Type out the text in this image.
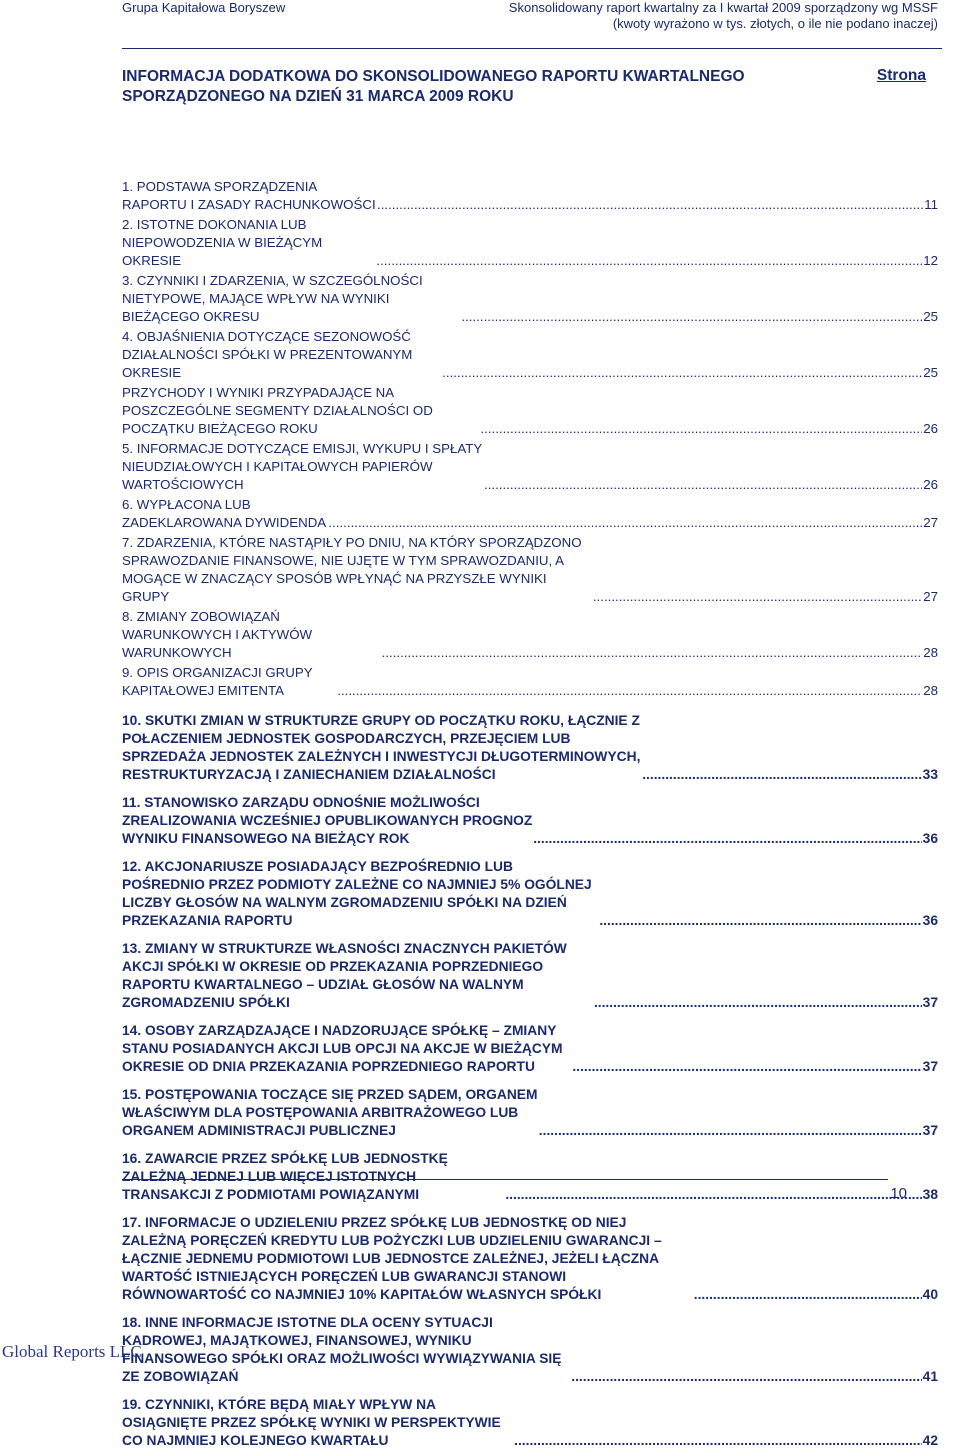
Grupa Kapitałowa Boryszew	Skonsolidowany raport kwartalny za I kwartał 2009 sporządzony wg MSSF
(kwoty wyrażono w tys. złotych, o ile nie podano inaczej)
INFORMACJA DODATKOWA DO SKONSOLIDOWANEGO RAPORTU KWARTALNEGO
SPORZĄDZONEGO NA DZIEŃ 31 MARCA 2009 ROKU
Strona
1. PODSTAWA SPORZĄDZENIA RAPORTU I ZASADY RACHUNKOWOŚCI .....	11
2. ISTOTNE DOKONANIA LUB NIEPOWODZENIA W BIEŻĄCYM OKRESIE .....	12
3. CZYNNIKI I ZDARZENIA, W SZCZEGÓLNOŚCI NIETYPOWE, MAJĄCE WPŁYW NA WYNIKI BIEŻĄCEGO OKRESU .....	25
4. OBJAŚNIENIA DOTYCZĄCE SEZONOWOŚĆ DZIAŁALNOŚCI SPÓŁKI W PREZENTOWANYM OKRESIE .....	25
PRZYCHODY I WYNIKI PRZYPADAJĄCE NA POSZCZEGÓLNE SEGMENTY DZIAŁALNOŚCI OD POCZĄTKU BIEŻĄCEGO ROKU .....	26
5. INFORMACJE DOTYCZĄCE EMISJI, WYKUPU I SPŁATY NIEUDZIAŁOWYCH I KAPITAŁOWYCH PAPIERÓW WARTOŚCIOWYCH .....	26
6. WYPŁACONA LUB ZADEKLAROWANA DYWIDENDA .....	27
7. ZDARZENIA, KTÓRE NASTĄPIŁY PO DNIU, NA KTÓRY SPORZĄDZONO SPRAWOZDANIE FINANSOWE, NIE UJĘTE W TYM SPRAWOZDANIU, A MOGĄCE W ZNACZĄCY SPOSÓB WPŁYNĄĆ NA PRZYSZŁE WYNIKI GRUPY .....	27
8. ZMIANY ZOBOWIĄZAŃ WARUNKOWYCH I AKTYWÓW WARUNKOWYCH .....	28
9. OPIS ORGANIZACJI GRUPY KAPITAŁOWEJ EMITENTA .....	28
10. SKUTKI ZMIAN W STRUKTURZE GRUPY OD POCZĄTKU ROKU, ŁĄCZNIE Z POŁACZENIEM JEDNOSTEK GOSPODARCZYCH, PRZEJĘCIEM LUB SPRZEDAŻA JEDNOSTEK ZALEŻNYCH I INWESTYCJI DŁUGOTERMINOWYCH, RESTRUKTURYZACJĄ I ZANIECHANIEM DZIAŁALNOŚCI .....	33
11. STANOWISKO ZARZĄDU ODNOŚNIE MOŻLIWOŚCI ZREALIZOWANIA WCZEŚNIEJ OPUBLIKOWANYCH PROGNOZ WYNIKU FINANSOWEGO NA BIEŻĄCY ROK .....	36
12. AKCJONARIUSZE POSIADAJĄCY BEZPOŚREDNIO LUB POŚREDNIO PRZEZ PODMIOTY ZALEŻNE CO NAJMNIEJ 5% OGÓLNEJ LICZBY GŁOSÓW NA WALNYM ZGROMADZENIU SPÓŁKI NA DZIEŃ PRZEKAZANIA RAPORTU .....	36
13. ZMIANY W STRUKTURZE WŁASNOŚCI ZNACZNYCH PAKIETÓW AKCJI SPÓŁKI W OKRESIE OD PRZEKAZANIA POPRZEDNIEGO RAPORTU KWARTALNEGO – UDZIAŁ GŁOSÓW NA WALNYM ZGROMADZENIU SPÓŁKI .....	37
14. OSOBY ZARZĄDZAJĄCE I NADZORUJĄCE SPÓŁKĘ – ZMIANY STANU POSIADANYCH AKCJI LUB OPCJI NA AKCJE W BIEŻĄCYM OKRESIE OD DNIA PRZEKAZANIA POPRZEDNIEGO RAPORTU .....	37
15. POSTĘPOWANIA TOCZĄCE SIĘ PRZED SĄDEM, ORGANEM WŁAŚCIWYM DLA POSTĘPOWANIA ARBITRAŻOWEGO LUB ORGANEM ADMINISTRACJI PUBLICZNEJ .....	37
16. ZAWARCIE PRZEZ SPÓŁKĘ LUB JEDNOSTKĘ ZALEŻNĄ JEDNEJ LUB WIĘCEJ ISTOTNYCH TRANSAKCJI Z PODMIOTAMI POWIĄZANYMI .....	38
17. INFORMACJE O UDZIELENIU PRZEZ SPÓŁKĘ LUB JEDNOSTKĘ OD NIEJ ZALEŻNĄ PORĘCZEŃ KREDYTU LUB POŻYCZKI LUB UDZIELENIU GWARANCJI – ŁĄCZNIE JEDNEMU PODMIOTOWI LUB JEDNOSTCE ZALEŻNEJ, JEŻELI ŁĄCZNA WARTOŚĆ ISTNIEJĄCYCH PORĘCZEŃ LUB GWARANCJI STANOWI RÓWNOWARTOŚĆ CO NAJMNIEJ 10% KAPITAŁÓW WŁASNYCH SPÓŁKI .....	40
18. INNE INFORMACJE ISTOTNE DLA OCENY SYTUACJI KADROWEJ, MAJĄTKOWEJ, FINANSOWEJ, WYNIKU FINANSOWEGO SPÓŁKI ORAZ MOŻLIWOŚCI WYWIĄZYWANIA SIĘ ZE ZOBOWIĄZAŃ .....	41
19. CZYNNIKI, KTÓRE BĘDĄ MIAŁY WPŁYW NA OSIĄGNIĘTE PRZEZ SPÓŁKĘ WYNIKI W PERSPEKTYWIE CO NAJMNIEJ KOLEJNEGO KWARTAŁU .....	42
10
Global Reports LLC
